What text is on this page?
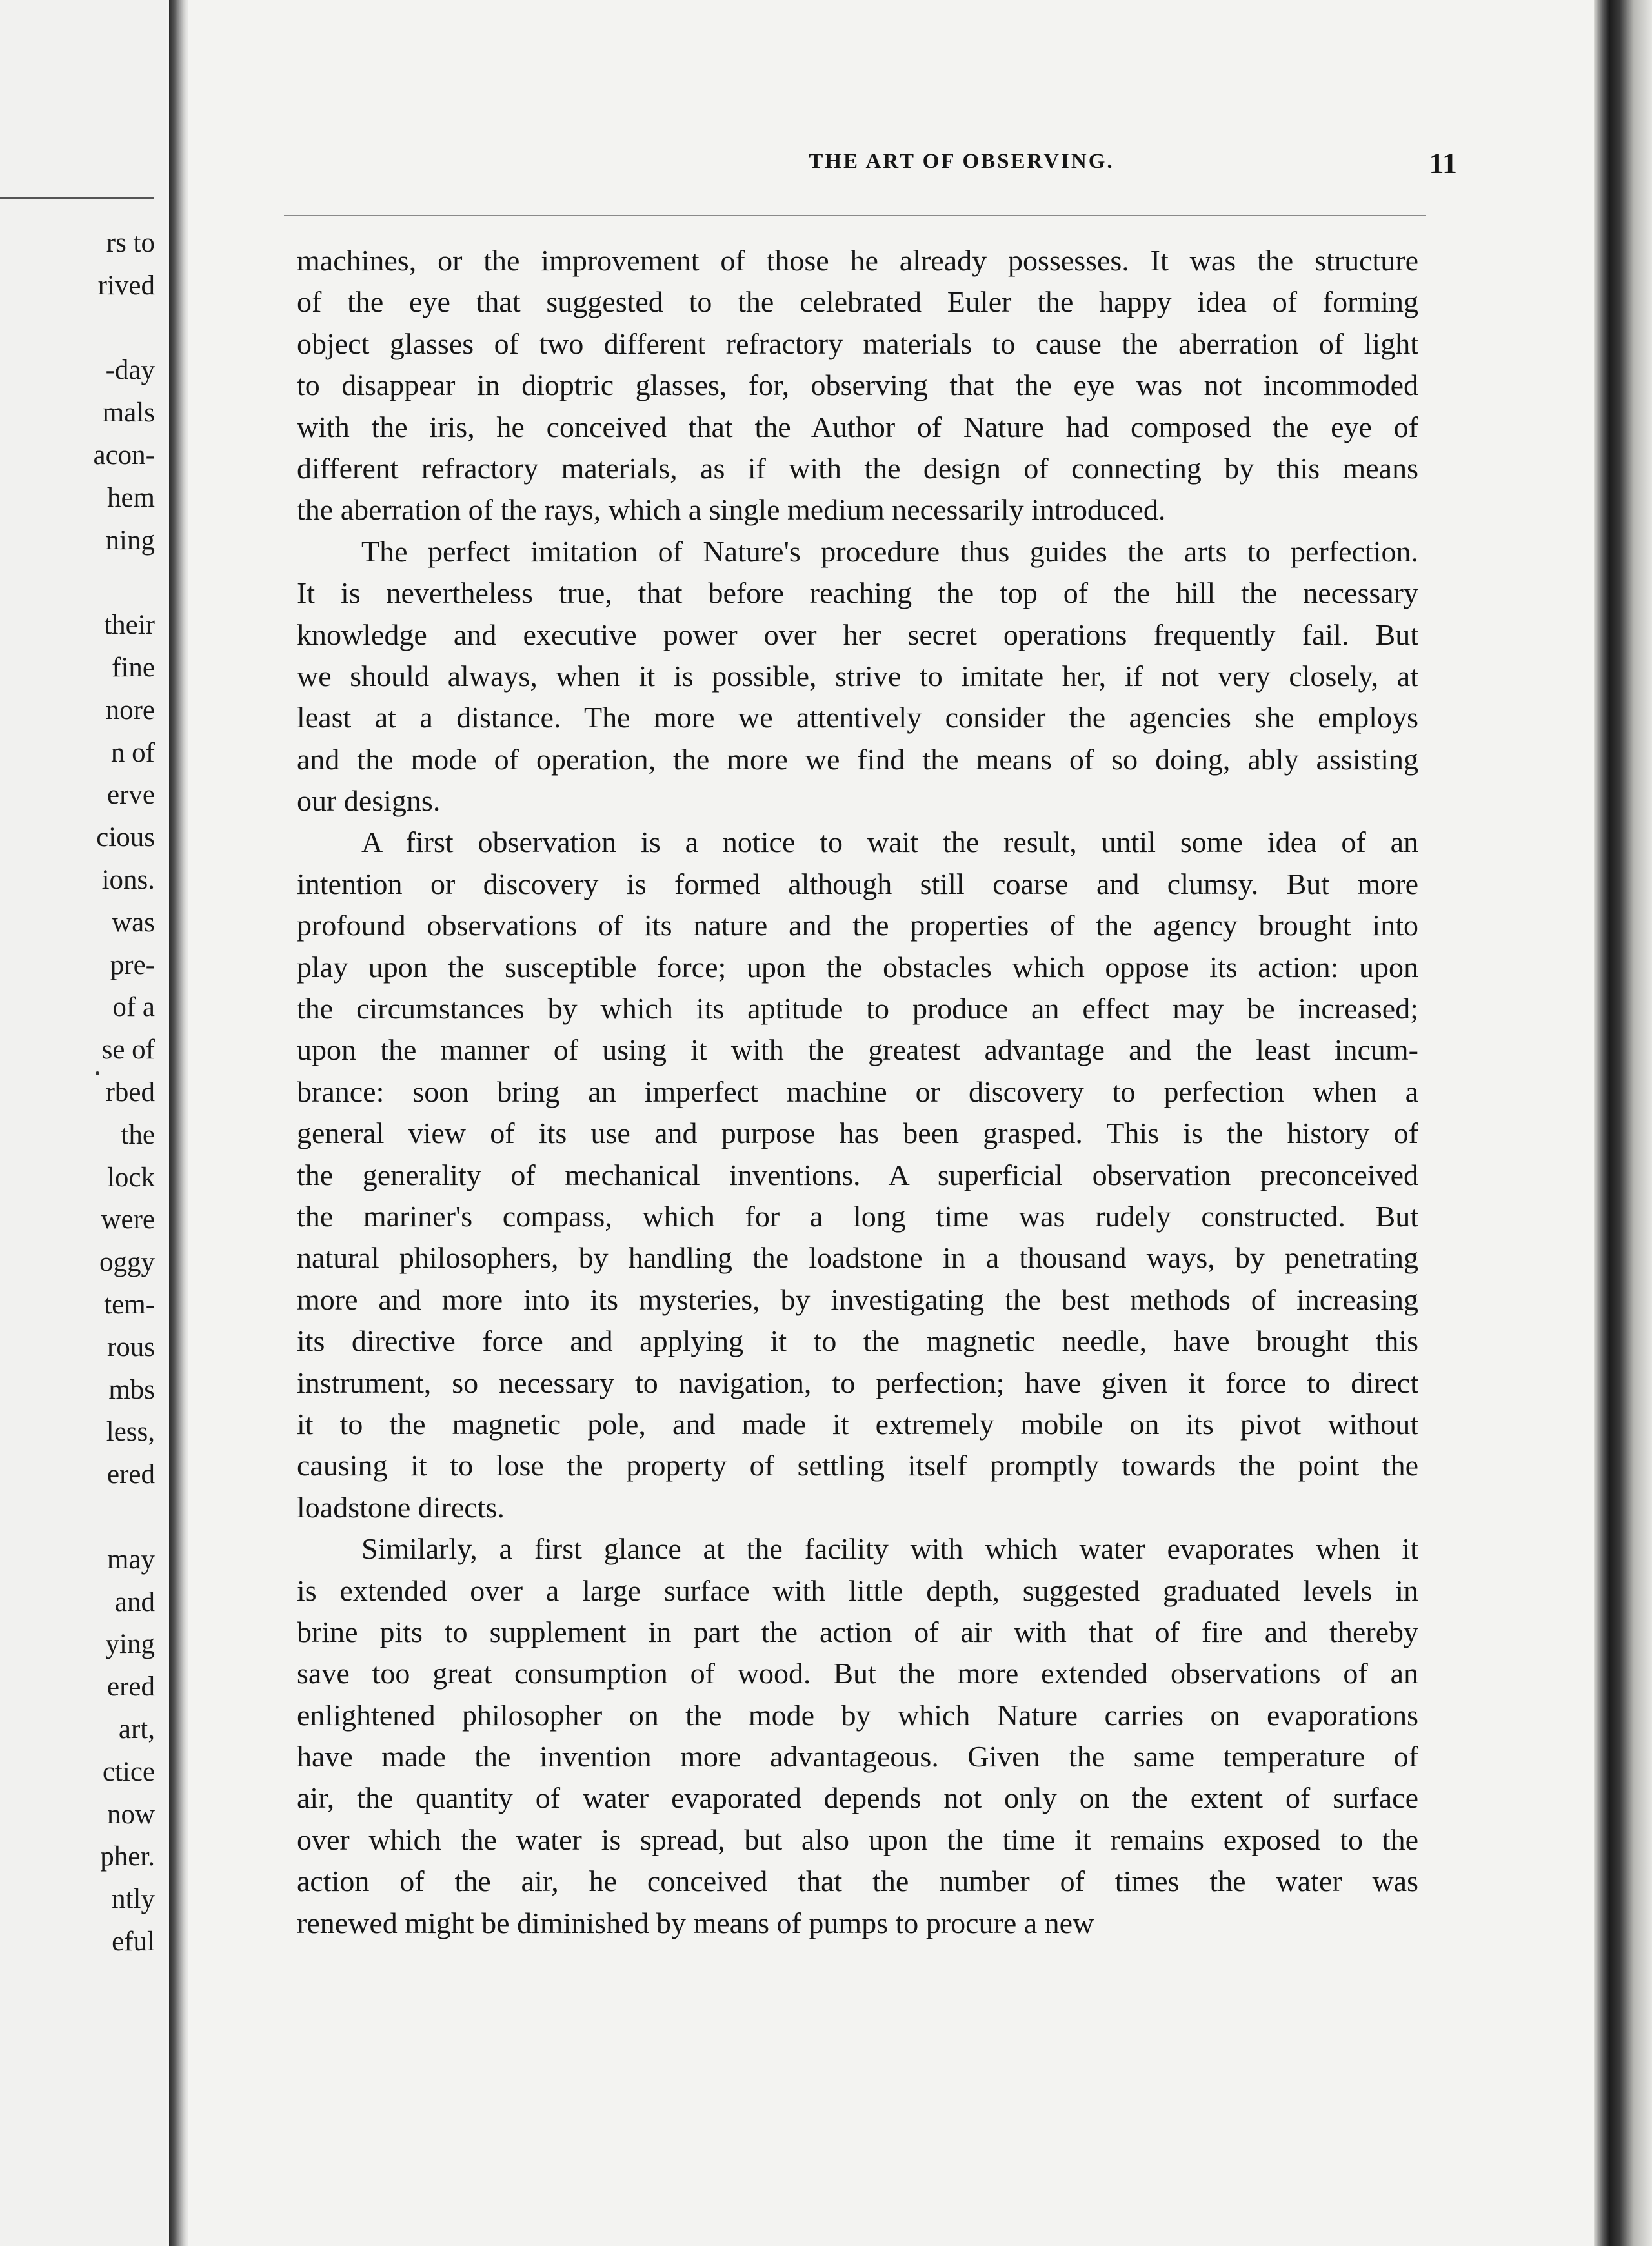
rs to
rived
-day
mals
acon-
hem
ning
their
fine
nore
n of
erve
cious
ions.
was
pre-
of a
se of
rbed
the
lock
were
oggy
tem-
rous
mbs
less,
ered
may
and
ying
ered
art,
ctice
now
pher.
ntly
eful
THE ART OF OBSERVING.	11
machines, or the improvement of those he already possesses. It was the structure
of the eye that suggested to the celebrated Euler the happy idea of forming
object glasses of two different refractory materials to cause the aberration of light
to disappear in dioptric glasses, for, observing that the eye was not incommoded
with the iris, he conceived that the Author of Nature had composed the eye of
different refractory materials, as if with the design of connecting by this means
the aberration of the rays, which a single medium necessarily introduced.
The perfect imitation of Nature's procedure thus guides the arts to perfection.
It is nevertheless true, that before reaching the top of the hill the necessary
knowledge and executive power over her secret operations frequently fail. But
we should always, when it is possible, strive to imitate her, if not very closely, at
least at a distance. The more we attentively consider the agencies she employs
and the mode of operation, the more we find the means of so doing, ably assisting
our designs.
A first observation is a notice to wait the result, until some idea of an
intention or discovery is formed although still coarse and clumsy. But more
profound observations of its nature and the properties of the agency brought into
play upon the susceptible force; upon the obstacles which oppose its action: upon
the circumstances by which its aptitude to produce an effect may be increased;
upon the manner of using it with the greatest advantage and the least incum-
brance: soon bring an imperfect machine or discovery to perfection when a
general view of its use and purpose has been grasped. This is the history of
the generality of mechanical inventions. A superficial observation preconceived
the mariner's compass, which for a long time was rudely constructed. But
natural philosophers, by handling the loadstone in a thousand ways, by penetrating
more and more into its mysteries, by investigating the best methods of increasing
its directive force and applying it to the magnetic needle, have brought this
instrument, so necessary to navigation, to perfection; have given it force to direct
it to the magnetic pole, and made it extremely mobile on its pivot without
causing it to lose the property of settling itself promptly towards the point the
loadstone directs.
Similarly, a first glance at the facility with which water evaporates when it
is extended over a large surface with little depth, suggested graduated levels in
brine pits to supplement in part the action of air with that of fire and thereby
save too great consumption of wood. But the more extended observations of an
enlightened philosopher on the mode by which Nature carries on evaporations
have made the invention more advantageous. Given the same temperature of
air, the quantity of water evaporated depends not only on the extent of surface
over which the water is spread, but also upon the time it remains exposed to the
action of the air, he conceived that the number of times the water was
renewed might be diminished by means of pumps to procure a new
